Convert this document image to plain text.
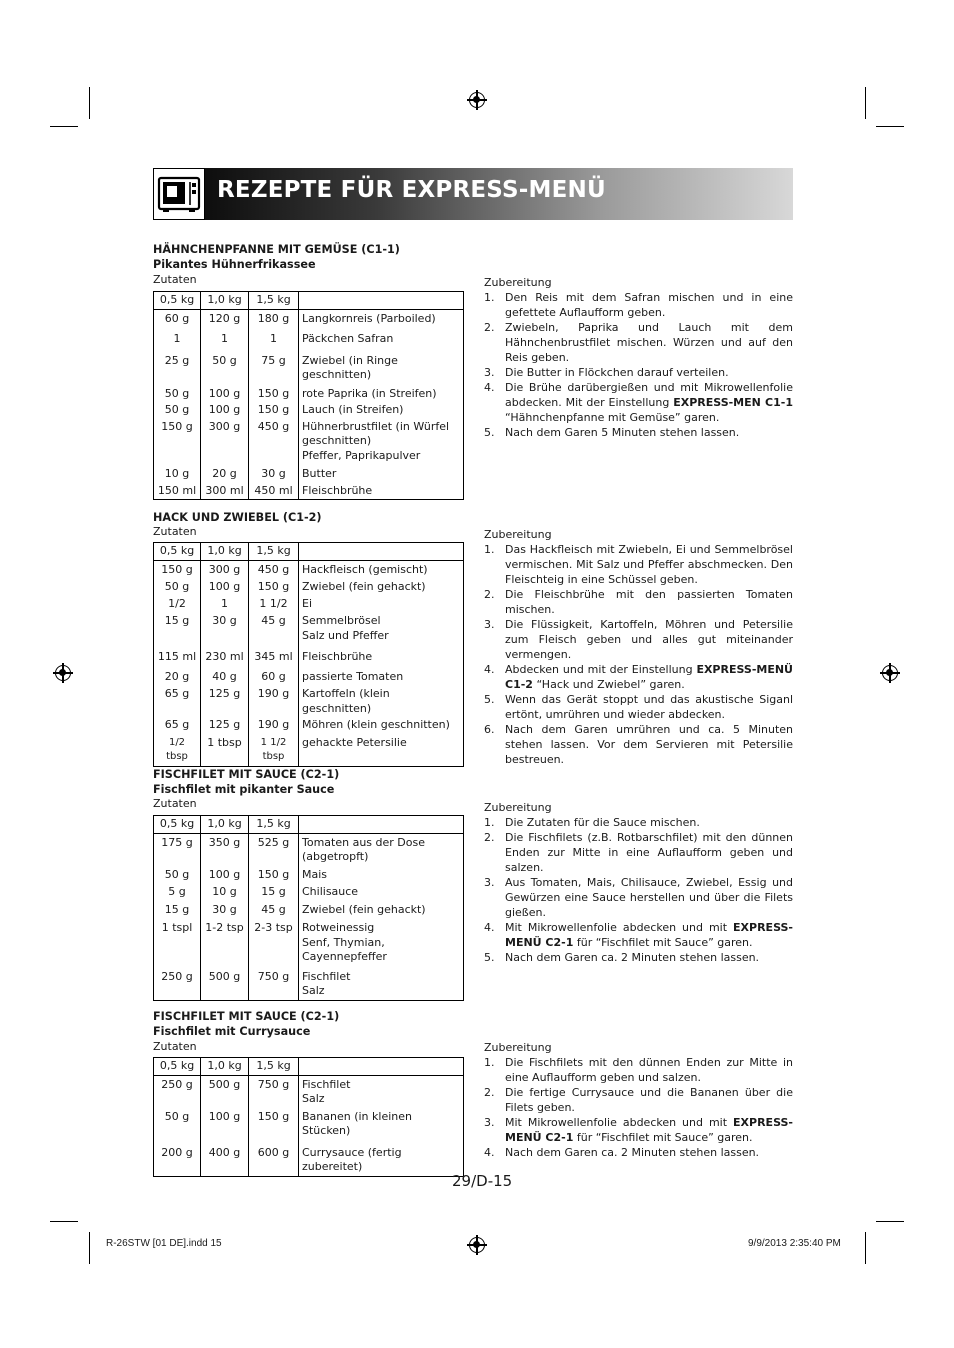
REZEPTE FÜR EXPRESS-MENÜ
HÄHNCHENPFANNE MIT GEMÜSE (C1-1)
Pikantes Hühnerfrikassee
Zutaten
0,5 kg	1,0 kg	1,5 kg	
60 g	120 g	180 g	Langkornreis (Parboiled)
1	1	1	Päckchen Safran
25 g	50 g	75 g	Zwiebel (in Ringe geschnitten)
50 g	100 g	150 g	rote Paprika (in Streifen)
50 g	100 g	150 g	Lauch (in Streifen)
150 g	300 g	450 g	Hühnerbrustfilet (in Würfel geschnitten)
Pfeffer, Paprikapulver
10 g	20 g	30 g	Butter
150 ml	300 ml	450 ml	Fleischbrühe
Zubereitung
1. Den Reis mit dem Safran mischen und in eine gefettete Auflaufform geben.
2. Zwiebeln, Paprika und Lauch mit dem Hähnchenbrustfilet mischen. Würzen und auf den Reis geben.
3. Die Butter in Flöckchen darauf verteilen.
4. Die Brühe darübergießen und mit Mikrowellenfolie abdecken. Mit der Einstellung EXPRESS-MEN C1-1 “Hähnchenpfanne mit Gemüse” garen.
5. Nach dem Garen 5 Minuten stehen lassen.
HACK UND ZWIEBEL (C1-2)
Zutaten
0,5 kg	1,0 kg	1,5 kg	
150 g	300 g	450 g	Hackfleisch (gemischt)
50 g	100 g	150 g	Zwiebel (fein gehackt)
1/2	1	1 1/2	Ei
15 g	30 g	45 g	Semmelbrösel
Salz und Pfeffer
115 ml	230 ml	345 ml	Fleischbrühe
20 g	40 g	60 g	passierte Tomaten
65 g	125 g	190 g	Kartoffeln (klein geschnitten)
65 g	125 g	190 g	Möhren (klein geschnitten)
1/2 tbsp	1 tbsp	1 1/2 tbsp	gehackte Petersilie
Zubereitung
1. Das Hackfleisch mit Zwiebeln, Ei und Semmelbrösel vermischen. Mit Salz und Pfeffer abschmecken. Den Fleischteig in eine Schüssel geben.
2. Die Fleischbrühe mit den passierten Tomaten mischen.
3. Die Flüssigkeit, Kartoffeln, Möhren und Petersilie zum Fleisch geben und alles gut miteinander vermengen.
4. Abdecken und mit der Einstellung EXPRESS-MENÜ C1-2 “Hack und Zwiebel” garen.
5. Wenn das Gerät stoppt und das akustische Siganl ertönt, umrühren und wieder abdecken.
6. Nach dem Garen umrühren und ca. 5 Minuten stehen lassen. Vor dem Servieren mit Petersilie bestreuen.
FISCHFILET MIT SAUCE (C2-1)
Fischfilet mit pikanter Sauce
Zutaten
0,5 kg	1,0 kg	1,5 kg	
175 g	350 g	525 g	Tomaten aus der Dose (abgetropft)
50 g	100 g	150 g	Mais
5 g	10 g	15 g	Chilisauce
15 g	30 g	45 g	Zwiebel (fein gehackt)
1 tspl	1-2 tsp	2-3 tsp	Rotweinessig
Senf, Thymian, Cayennepfeffer
250 g	500 g	750 g	Fischfilet
Salz
Zubereitung
1. Die Zutaten für die Sauce mischen.
2. Die Fischfilets (z.B. Rotbarschfilet) mit den dünnen Enden zur Mitte in eine Auflaufform geben und salzen.
3. Aus Tomaten, Mais, Chilisauce, Zwiebel, Essig und Gewürzen eine Sauce herstellen und über die Filets gießen.
4. Mit Mikrowellenfolie abdecken und mit EXPRESS-MENÜ C2-1 für “Fischfilet mit Sauce” garen.
5. Nach dem Garen ca. 2 Minuten stehen lassen.
FISCHFILET MIT SAUCE (C2-1)
Fischfilet mit Currysauce
Zutaten
0,5 kg	1,0 kg	1,5 kg	
250 g	500 g	750 g	Fischfilet
Salz
50 g	100 g	150 g	Bananen (in kleinen Stücken)
200 g	400 g	600 g	Currysauce (fertig zubereitet)
Zubereitung
1. Die Fischfilets mit den dünnen Enden zur Mitte in eine Auflaufform geben und salzen.
2. Die fertige Currysauce und die Bananen über die Filets geben.
3. Mit Mikrowellenfolie abdecken und mit EXPRESS-MENÜ C2-1 für “Fischfilet mit Sauce” garen.
4. Nach dem Garen ca. 2 Minuten stehen lassen.
29/D-15
R-26STW [01 DE].indd 15	9/9/2013 2:35:40 PM
